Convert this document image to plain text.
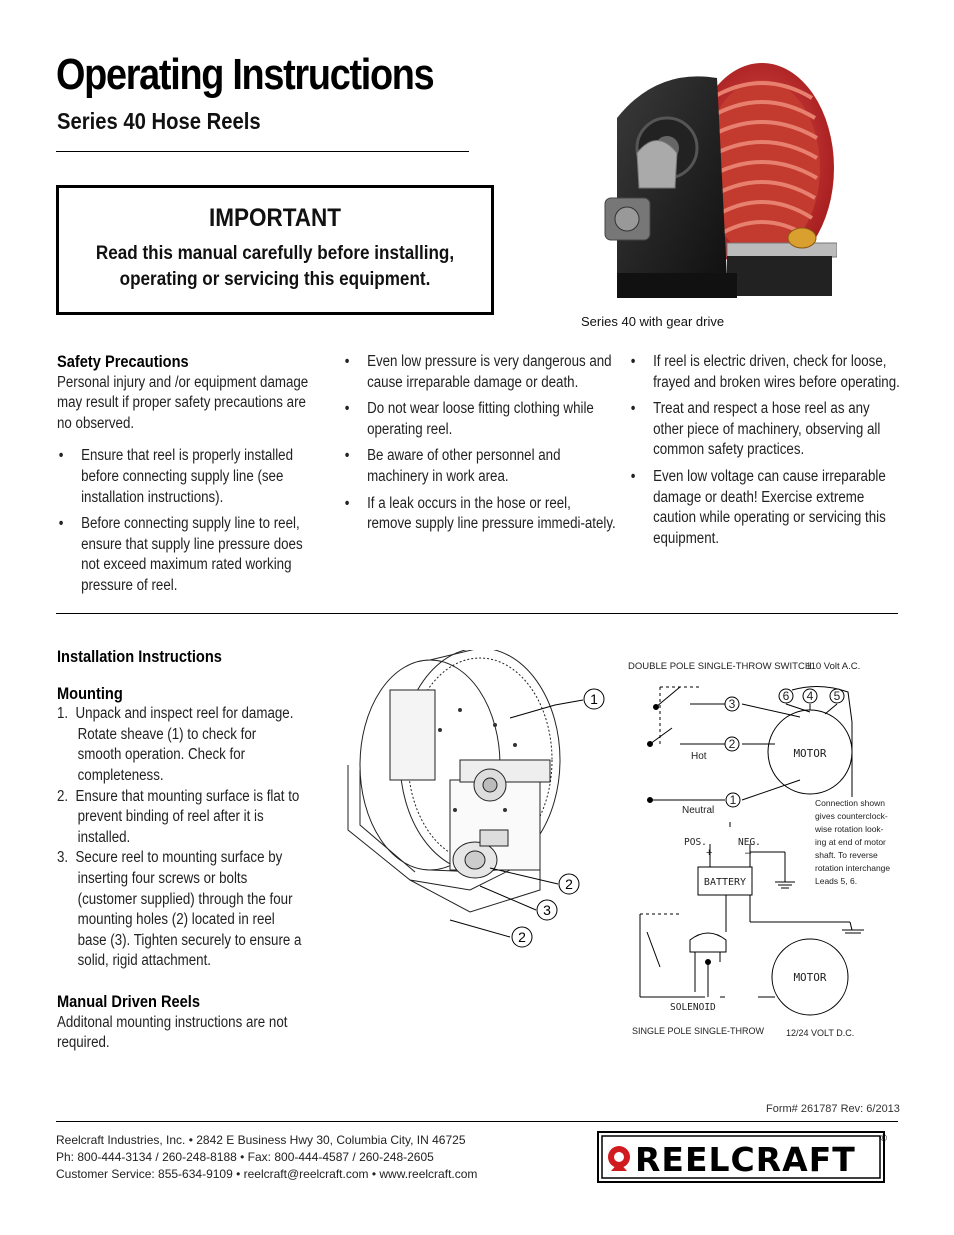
Operating Instructions
Series 40 Hose Reels
IMPORTANT
Read this manual carefully before installing,
operating or servicing this equipment.
Series 40 with gear drive
Safety Precautions
Personal injury and /or equipment damage may result if proper safety precautions are no observed.
• Ensure that reel is properly installed before connecting supply line (see installation instructions).
• Before connecting supply line to reel, ensure that supply line pressure does not exceed maximum rated working pressure of reel.
• Even low pressure is very dangerous and cause irreparable damage or death.
• Do not wear loose fitting clothing while operating reel.
• Be aware of other personnel and machinery in work area.
• If a leak occurs in the hose or reel, remove supply line pressure immedi-ately.
• If reel is electric driven, check for loose, frayed and broken wires before operating.
• Treat and respect a hose reel as any other piece of machinery, observing all common safety practices.
• Even low voltage can cause irreparable damage or death! Exercise extreme caution while operating or servicing this equipment.
Installation Instructions
Mounting
1. Unpack and inspect reel for damage. Rotate sheave (1) to check for smooth operation. Check for completeness.
2. Ensure that mounting surface is flat to prevent binding of reel after it is installed.
3. Secure reel to mounting surface by inserting four screws or bolts (customer supplied) through the four mounting holes (2) located in reel base (3). Tighten securely to ensure a solid, rigid attachment.
Manual Driven Reels
Additonal mounting instructions are not required.
1
2
3
2
DOUBLE POLE SINGLE-THROW SWITCH
110 Volt A.C.
3
2
1
6 4 5
MOTOR
MOTOR
BATTERY
Hot
Neutral
POS.	NEG.
+	–
SOLENOID
SINGLE POLE SINGLE-THROW 12/24 VOLT D.C.
Connection shown
gives counterclock-
wise rotation look-
ing at end of motor
shaft. To reverse
rotation interchange
Leads 5, 6.
Form# 261787 Rev: 6/2013
Reelcraft Industries, Inc. • 2842 E Business Hwy 30, Columbia City, IN 46725
Ph: 800-444-3134 / 260-248-8188 • Fax: 800-444-4587 / 260-248-2605
Customer Service: 855-634-9109 • reelcraft@reelcraft.com • www.reelcraft.com	REELCRAFT
®
